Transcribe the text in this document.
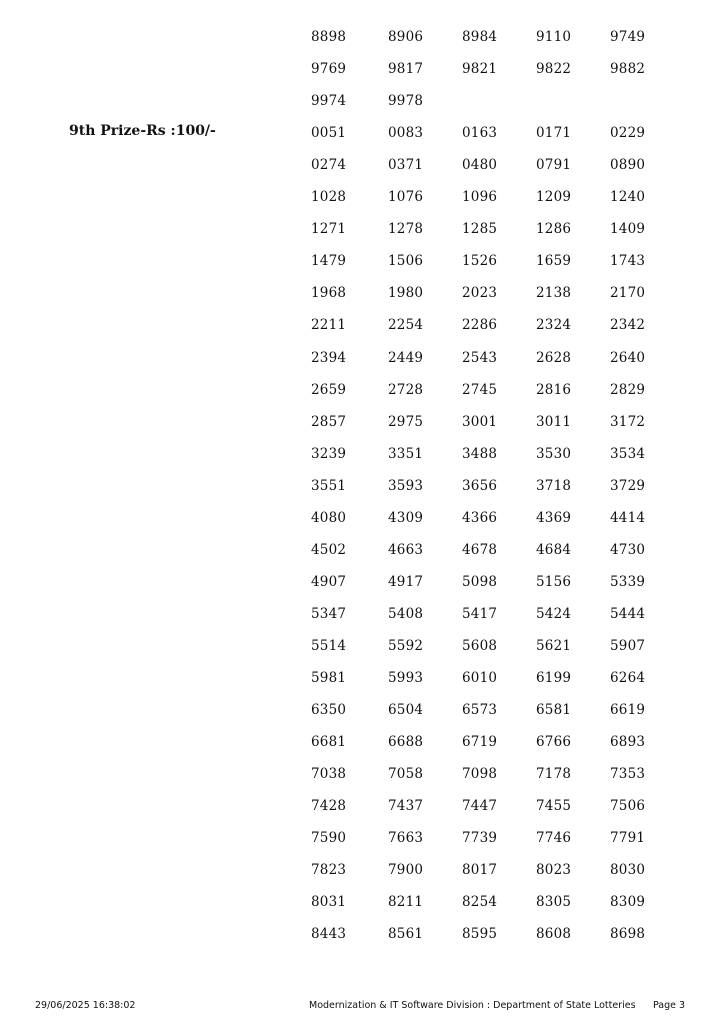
9th Prize-Rs :100/-
8898	8906	8984	9110	9749
9769	9817	9821	9822	9882
9974	9978
0051	0083	0163	0171	0229
0274	0371	0480	0791	0890
1028	1076	1096	1209	1240
1271	1278	1285	1286	1409
1479	1506	1526	1659	1743
1968	1980	2023	2138	2170
2211	2254	2286	2324	2342
2394	2449	2543	2628	2640
2659	2728	2745	2816	2829
2857	2975	3001	3011	3172
3239	3351	3488	3530	3534
3551	3593	3656	3718	3729
4080	4309	4366	4369	4414
4502	4663	4678	4684	4730
4907	4917	5098	5156	5339
5347	5408	5417	5424	5444
5514	5592	5608	5621	5907
5981	5993	6010	6199	6264
6350	6504	6573	6581	6619
6681	6688	6719	6766	6893
7038	7058	7098	7178	7353
7428	7437	7447	7455	7506
7590	7663	7739	7746	7791
7823	7900	8017	8023	8030
8031	8211	8254	8305	8309
8443	8561	8595	8608	8698
29/06/2025 16:38:02	Modernization & IT Software Division : Department of State Lotteries Page 3
